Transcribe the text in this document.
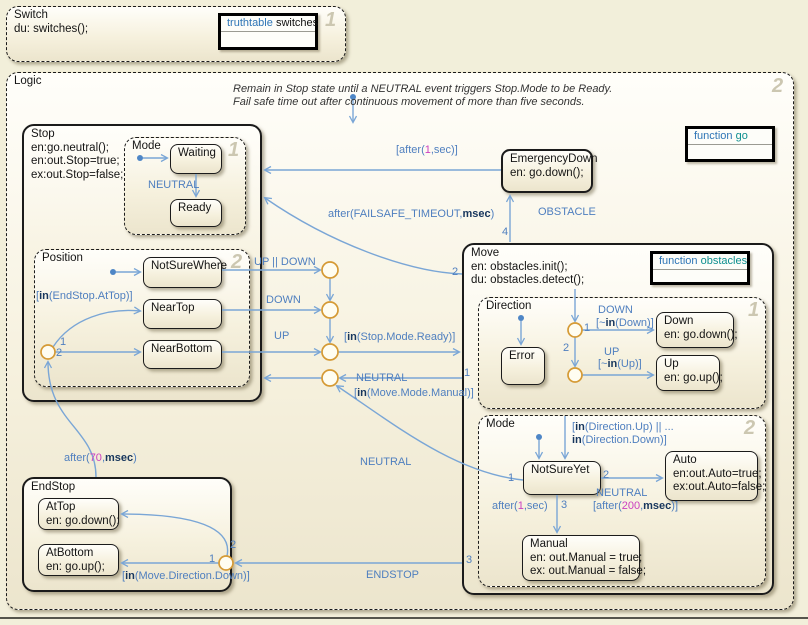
Switch
du: switches();	1
truthtable switches
Logic	2
Remain in Stop state until a NEUTRAL event triggers Stop.Mode to be Ready.
Fail safe time out after continuous movement of more than five seconds.
Stop
en:go.neutral();
en:out.Stop=true;
ex:out.Stop=false;
Mode	1
Waiting
Ready
NEUTRAL
Position	2
NotSureWhere
NearTop
NearBottom
[in(EndStop.AtTop)]
1
2
after(70,msec)
UP || DOWN
DOWN
UP	[in(Stop.Mode.Ready)]
NEUTRAL
[in(Move.Mode.Manual)]
NEUTRAL
1
2
EmergencyDown
en: go.down();
[after(1,sec)]
OBSTACLE
4
after(FAILSAFE_TIMEOUT,msec)
function go
Move
en: obstacles.init();
du: obstacles.detect();
function obstacles
Direction	1
Error
Down
en: go.down();
Up
en: go.up();
DOWN
[~in(Down)]
1
2	UP
[~in(Up)]
Mode	2
[in(Direction.Up) || ...
in(Direction.Down)]
NotSureYet
Auto
en:out.Auto=true;
ex:out.Auto=false;
Manual
en: out.Manual = true;
ex: out.Manual = false;
1	2
3
NEUTRAL
[after(200,msec)]
after(1,sec)
EndStop
AtTop
en: go.down();
AtBottom
en: go.up();
2
1
[in(Move.Direction.Down)]	ENDSTOP
3
